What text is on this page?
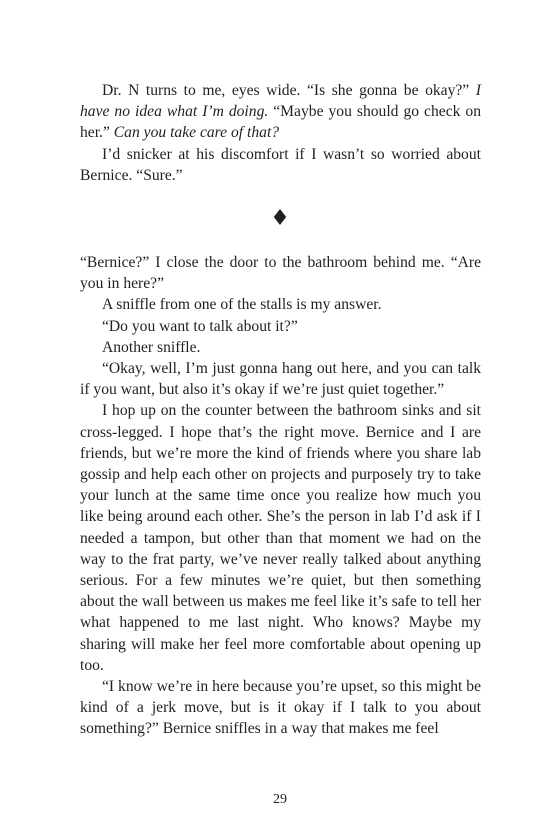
Dr. N turns to me, eyes wide. “Is she gonna be okay?” I have no idea what I’m doing. “Maybe you should go check on her.” Can you take care of that?

I’d snicker at his discomfort if I wasn’t so worried about Bernice. “Sure.”

♦

“Bernice?” I close the door to the bathroom behind me. “Are you in here?”

A sniffle from one of the stalls is my answer.

“Do you want to talk about it?”

Another sniffle.

“Okay, well, I’m just gonna hang out here, and you can talk if you want, but also it’s okay if we’re just quiet together.”

I hop up on the counter between the bathroom sinks and sit cross-legged. I hope that’s the right move. Bernice and I are friends, but we’re more the kind of friends where you share lab gossip and help each other on projects and purposely try to take your lunch at the same time once you realize how much you like being around each other. She’s the person in lab I’d ask if I needed a tampon, but other than that moment we had on the way to the frat party, we’ve never really talked about anything serious. For a few minutes we’re quiet, but then something about the wall between us makes me feel like it’s safe to tell her what happened to me last night. Who knows? Maybe my sharing will make her feel more comfortable about opening up too.

“I know we’re in here because you’re upset, so this might be kind of a jerk move, but is it okay if I talk to you about something?” Bernice sniffles in a way that makes me feel

29
